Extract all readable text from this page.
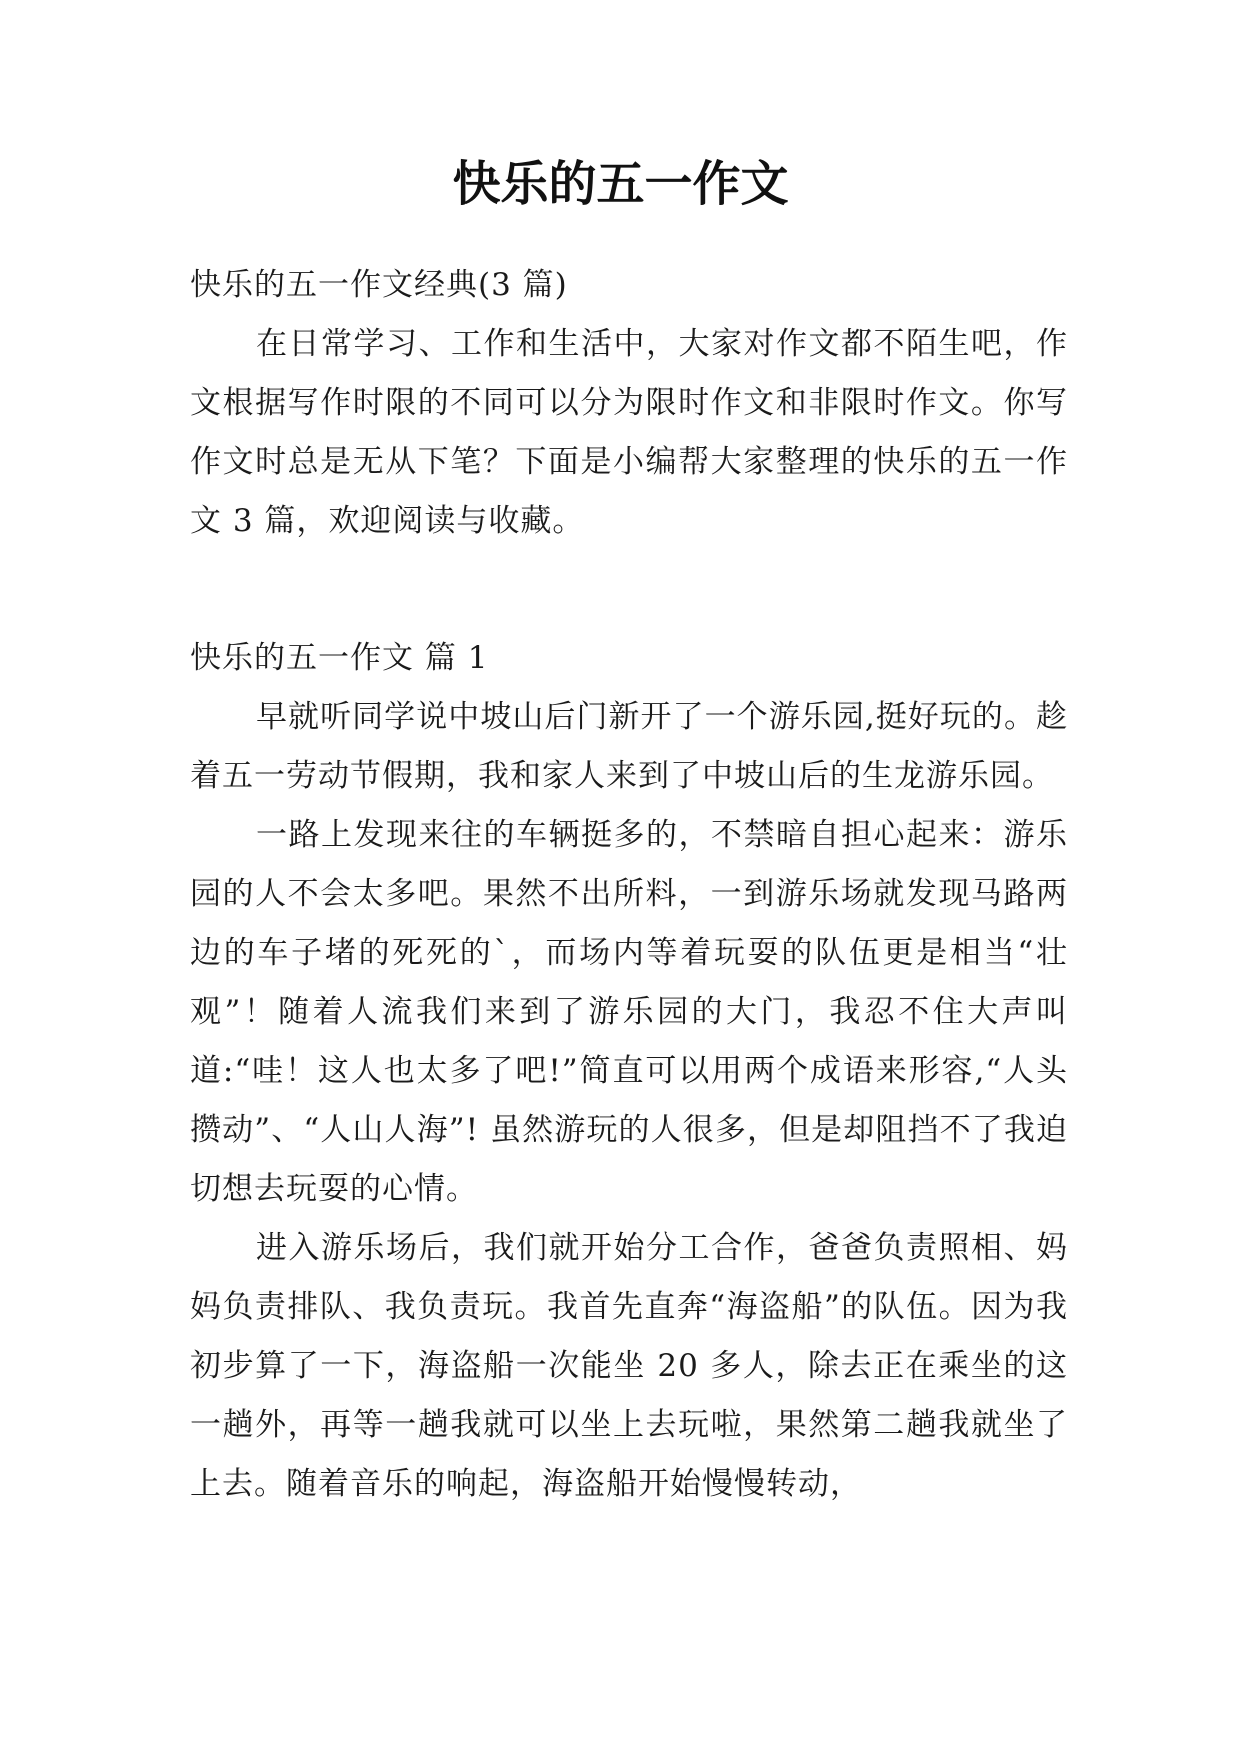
快乐的五一作文

快乐的五一作文经典(3 篇)

在日常学习、工作和生活中，大家对作文都不陌生吧，作文根据写作时限的不同可以分为限时作文和非限时作文。你写作文时总是无从下笔？下面是小编帮大家整理的快乐的五一作文 3 篇，欢迎阅读与收藏。

快乐的五一作文 篇 1

早就听同学说中坡山后门新开了一个游乐园,挺好玩的。趁着五一劳动节假期，我和家人来到了中坡山后的生龙游乐园。

一路上发现来往的车辆挺多的，不禁暗自担心起来：游乐园的人不会太多吧。果然不出所料，一到游乐场就发现马路两边的车子堵的死死的`，而场内等着玩耍的队伍更是相当“壮观”！随着人流我们来到了游乐园的大门，我忍不住大声叫道:“哇！这人也太多了吧!”简直可以用两个成语来形容,“人头攒动”、“人山人海”! 虽然游玩的人很多，但是却阻挡不了我迫切想去玩耍的心情。

进入游乐场后，我们就开始分工合作，爸爸负责照相、妈妈负责排队、我负责玩。我首先直奔“海盗船”的队伍。因为我初步算了一下，海盗船一次能坐 20 多人，除去正在乘坐的这一趟外，再等一趟我就可以坐上去玩啦，果然第二趟我就坐了上去。随着音乐的响起，海盗船开始慢慢转动，
